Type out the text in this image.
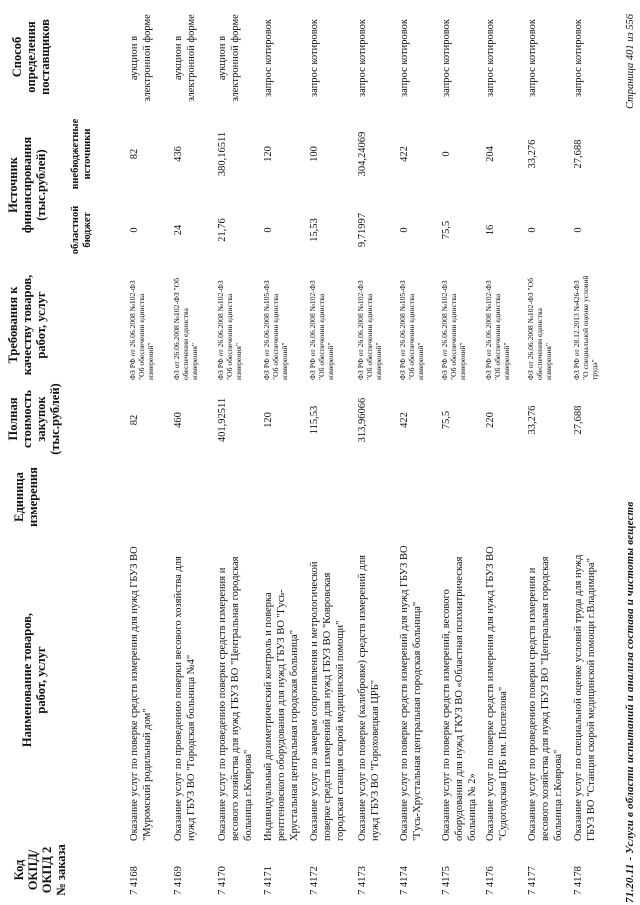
Код ОКПД/ ОКПД 2 № заказа
Наименование товаров, работ, услуг
Единица измерения
Полная стоимость закупок (тыс.рублей)
Требования к качеству товаров, работ, услуг
Источник финансирования (тыс.рублей)
областной бюджет
внебюджетные источники
Способ определения поставщиков
7 4168
Оказание услуг по поверке средств измерения для нужд ГБУЗ ВО "Муромский родильный дом"
82
ФЗ РФ от 26.06.2008 №102-ФЗ "Об обеспечении единства измерений"
0
82
аукцион в электронной форме
7 4169
Оказание услуг по проведению поверки весового хозяйства для нужд ГБУЗ ВО "Городская больница №4"
460
ФЗ от 26.06.2008 №102-ФЗ "Об обеспечении единства измерения"
24
436
аукцион в электронной форме
7 4170
Оказание услуг по проведению поверки средств измерения и весового хозяйства для нужд ГБУЗ ВО "Центральная городская больница г.Коврова"
401,92511
ФЗ РФ от 26.06.2008 №102-ФЗ "Об обеспечении единства измерения"
21,76
380,16511
аукцион в электронной форме
7 4171
Индивидуальный дозиметрический контроль и поверка рентгеновского оборудования для нужд ГБУЗ ВО "Гусь-Хрустальная центральная городская больница"
120
ФЗ РФ от 26.06.2008 №105-ФЗ "Об обеспечении единства измерений"
0
120
запрос котировок
7 4172
Оказание услуг по замерам сопротивления и метрологической поверке средств измерений для нужд ГБУЗ ВО "Ковровская городская станция скорой медицинской помощи"
115,53
ФЗ РФ от 26.06.2008 №102-ФЗ "Об обеспечении единства измерений"
15,53
100
запрос котировок
7 4173
Оказание услуг по поверке (калибровке) средств измерений для нужд ГБУЗ ВО "Гороховецкая ЦРБ"
313,96066
ФЗ РФ от 26.06.2008 №102-ФЗ "Об обеспечении единства измерений"
9,71997
304,24069
запрос котировок
7 4174
Оказание услуг по поверке средств измерений для нужд ГБУЗ ВО "Гусь-Хрустальная центральная городская больница"
422
ФЗ РФ от 26.06.2008 №105-ФЗ "Об обеспечении единства измерений"
0
422
запрос котировок
7 4175
Оказание услуг по поверке средств измерений, весового оборудования для нужд ГКУЗ ВО «Областная психиатрическая больница № 2»
75,5
ФЗ РФ от 26.06.2008 №102-ФЗ "Об обеспечении единства измерений"
75,5
0
запрос котировок
7 4176
Оказание услуг по поверке средств измерения для нужд ГБУЗ ВО "Судогодская ЦРБ им. Поспелова"
220
ФЗ РФ от 26.06.2008 №102-ФЗ "Об обеспечении единства измерений"
16
204
запрос котировок
7 4177
Оказание услуг по проведению поверки средств измерения и весового хозяйства для нужд ГБУЗ ВО "Центральная городская больница г.Коврова"
33,276
ФЗ от 26.06.2008 №102-ФЗ "Об обеспечении единства измерения"
0
33,276
запрос котировок
7 4178
Оказание услуг по специальной оценке условий труда для нужд ГБУЗ ВО "Станция скорой медицинской помощи г.Владимира"
27,688
ФЗ РФ от 28.12.2013 №426-ФЗ "О специальной оценке условий труда"
0
27,688
запрос котировок
71.20.11 - Услуги в области испытаний и анализа состава и чистоты веществ
Страница 401 из 556
